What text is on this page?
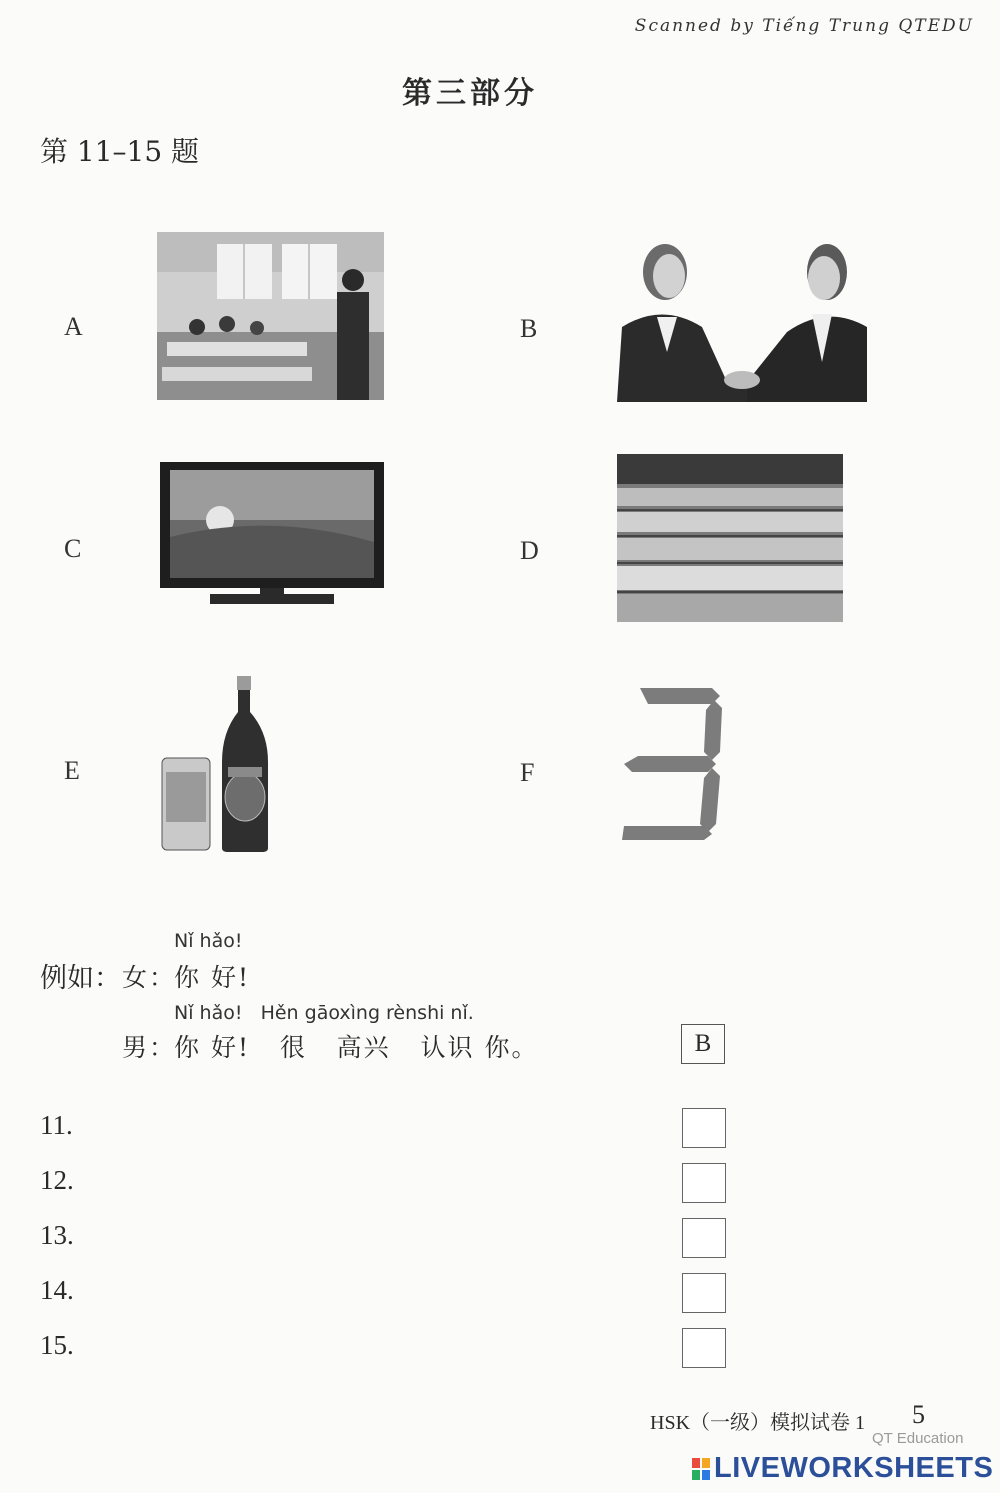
Scanned by Tiếng Trung QTEDU
第三部分
第 11–15 题
A	B
C	D
E	F
Nǐ hǎo!
例如： 女：
你 好!
Nǐ hǎo!   Hěn gāoxìng rènshi nǐ.
男：
你 好!   很   高兴   认识 你。	B
11.
12.
13.
14.
15.
HSK（一级）模拟试卷 1 5
QT Education
LIVEWORKSHEETS
